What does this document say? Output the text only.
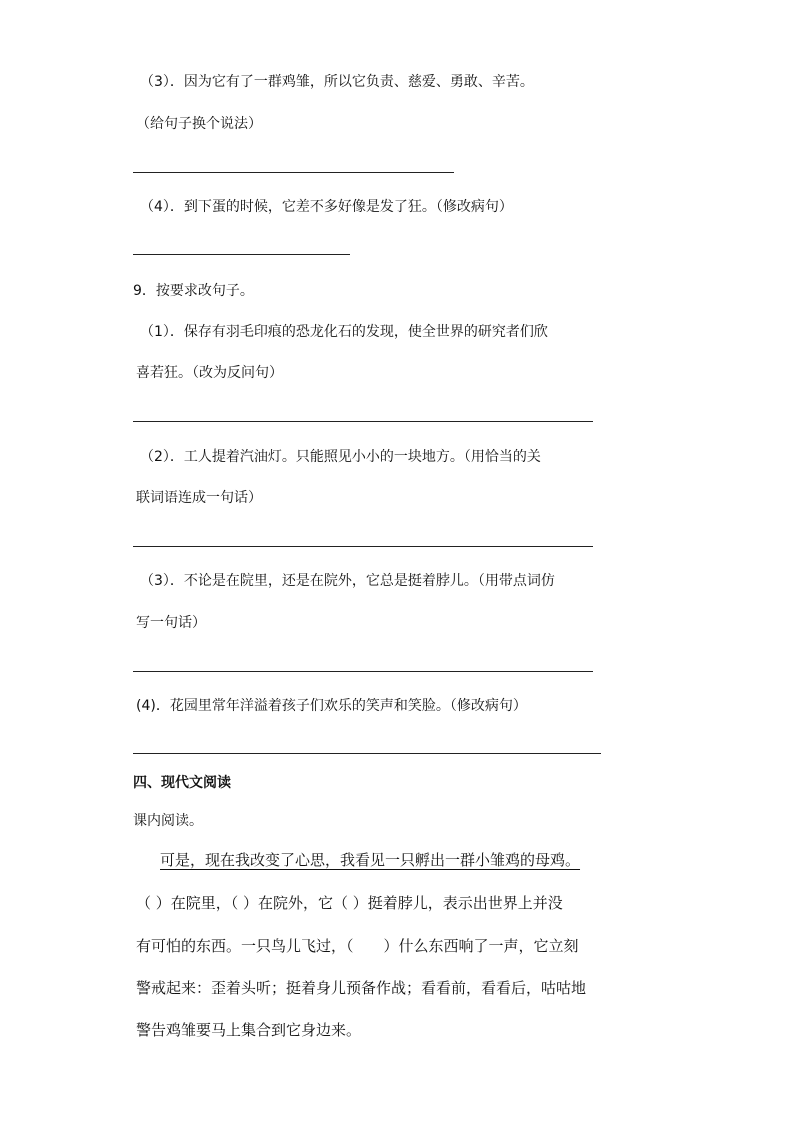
（3）．因为它有了一群鸡雏，所以它负责、慈爱、勇敢、辛苦。
（给句子换个说法）
（4）．到下蛋的时候，它差不多好像是发了狂。（修改病句）
9．按要求改句子。
（1）．保存有羽毛印痕的恐龙化石的发现，使全世界的研究者们欣
喜若狂。（改为反问句）
（2）．工人提着汽油灯。只能照见小小的一块地方。（用恰当的关
联词语连成一句话）
（3）．不论是在院里，还是在院外，它总是挺着脖儿。（用带点词仿
写一句话）
(4)．花园里常年洋溢着孩子们欢乐的笑声和笑脸。（修改病句）
四、现代文阅读
课内阅读。
可是，现在我改变了心思，我看见一只孵出一群小雏鸡的母鸡。
（ ）在院里，（ ）在院外，它（ ）挺着脖儿，表示出世界上并没
有可怕的东西。一只鸟儿飞过，（　　）什么东西响了一声，它立刻
警戒起来：歪着头听；挺着身儿预备作战；看看前，看看后，咕咕地
警告鸡雏要马上集合到它身边来。
